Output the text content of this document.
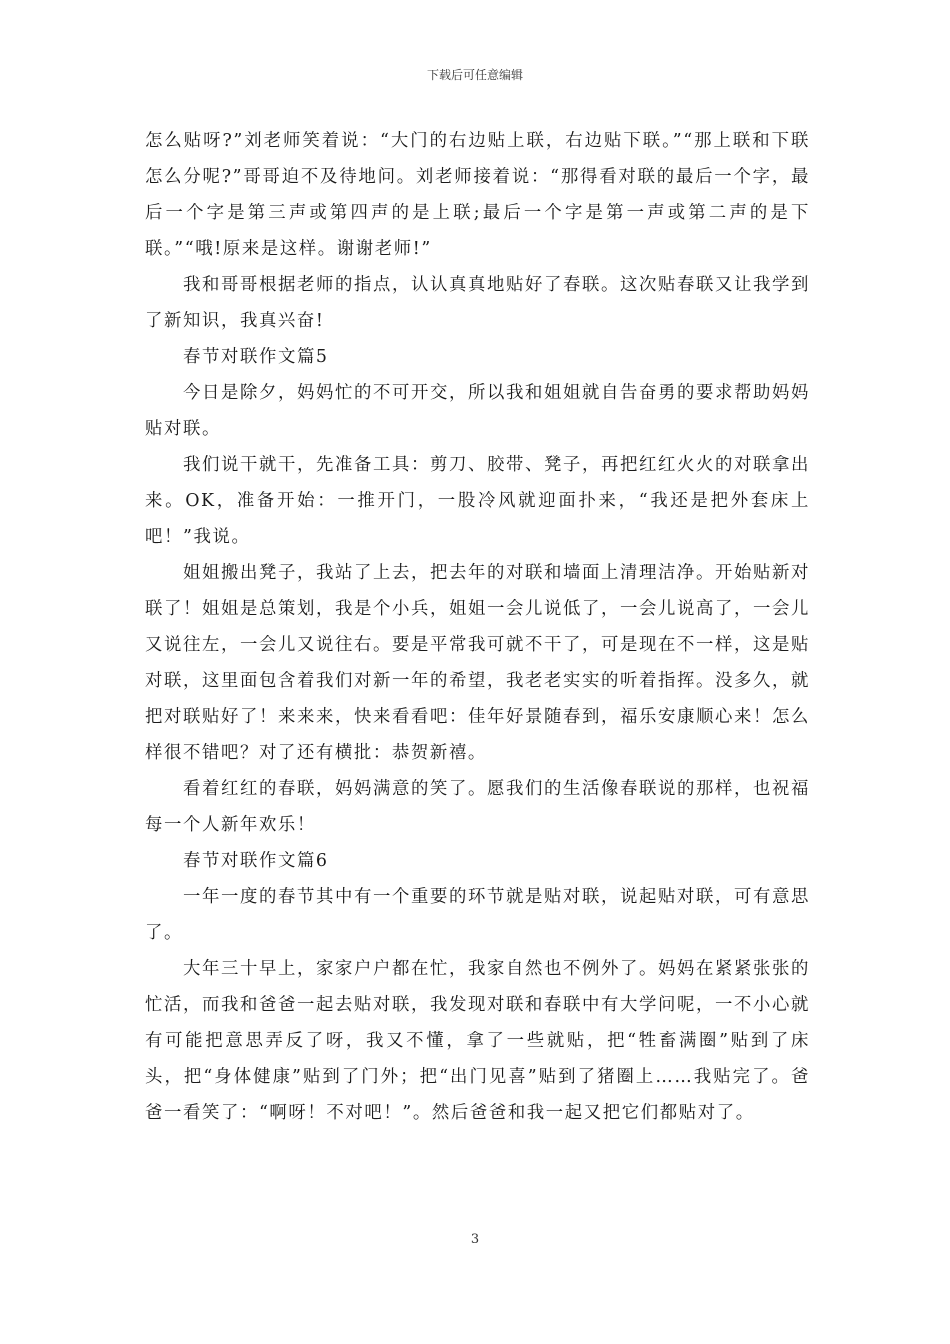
下载后可任意编辑

怎么贴呀?”刘老师笑着说：“大门的右边贴上联，右边贴下联。”“那上联和下联怎么分呢?”哥哥迫不及待地问。刘老师接着说：“那得看对联的最后一个字，最后一个字是第三声或第四声的是上联;最后一个字是第一声或第二声的是下联。”“哦!原来是这样。谢谢老师!”

我和哥哥根据老师的指点，认认真真地贴好了春联。这次贴春联又让我学到了新知识，我真兴奋!

春节对联作文篇5

今日是除夕，妈妈忙的不可开交，所以我和姐姐就自告奋勇的要求帮助妈妈贴对联。

我们说干就干，先准备工具：剪刀、胶带、凳子，再把红红火火的对联拿出来。OK，准备开始：一推开门，一股冷风就迎面扑来，“我还是把外套床上吧！”我说。

姐姐搬出凳子，我站了上去，把去年的对联和墙面上清理洁净。开始贴新对联了！姐姐是总策划，我是个小兵，姐姐一会儿说低了，一会儿说高了，一会儿又说往左，一会儿又说往右。要是平常我可就不干了，可是现在不一样，这是贴对联，这里面包含着我们对新一年的希望，我老老实实的听着指挥。没多久，就把对联贴好了！来来来，快来看看吧：佳年好景随春到，福乐安康顺心来！怎么样很不错吧？对了还有横批：恭贺新禧。

看着红红的春联，妈妈满意的笑了。愿我们的生活像春联说的那样，也祝福每一个人新年欢乐！

春节对联作文篇6

一年一度的春节其中有一个重要的环节就是贴对联，说起贴对联，可有意思了。

大年三十早上，家家户户都在忙，我家自然也不例外了。妈妈在紧紧张张的忙活，而我和爸爸一起去贴对联，我发现对联和春联中有大学问呢，一不小心就有可能把意思弄反了呀，我又不懂，拿了一些就贴，把“牲畜满圈”贴到了床头，把“身体健康”贴到了门外；把“出门见喜”贴到了猪圈上……我贴完了。爸爸一看笑了：“啊呀！不对吧！”。然后爸爸和我一起又把它们都贴对了。

3
